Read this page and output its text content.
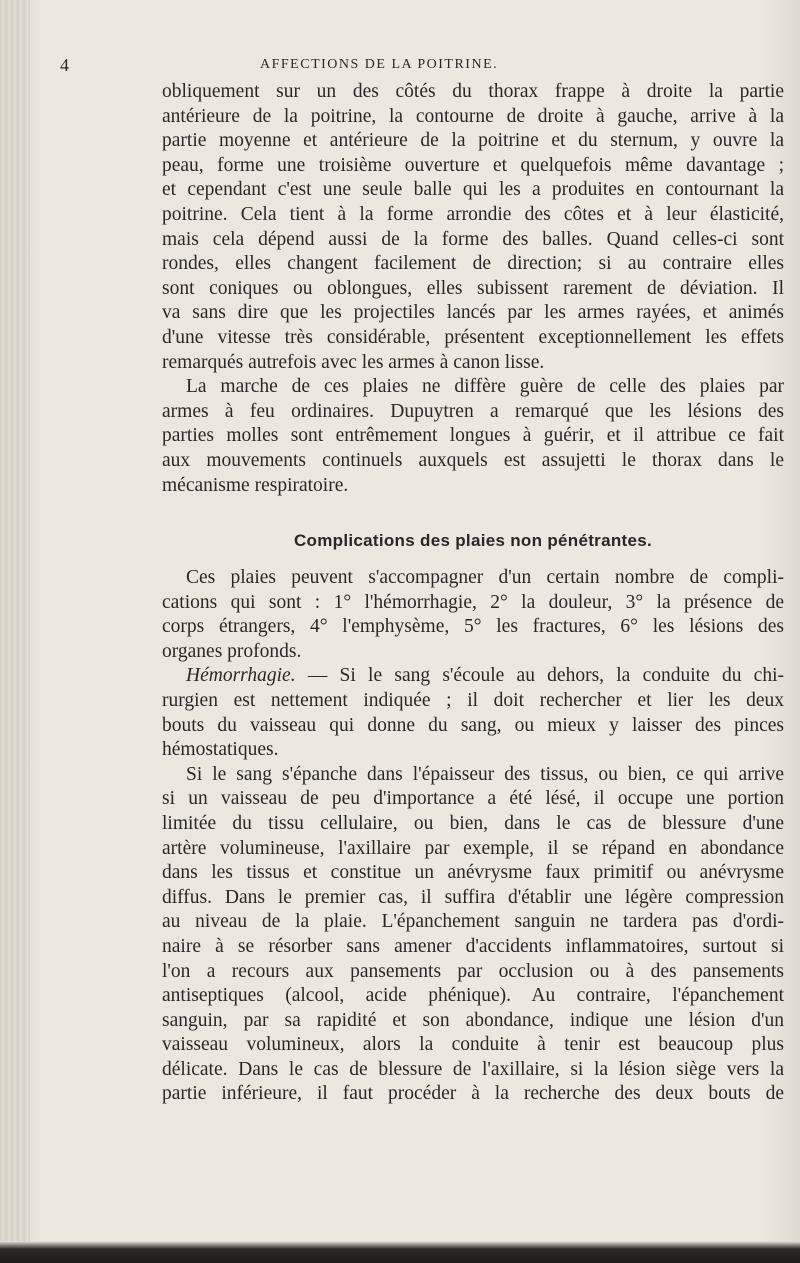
4	AFFECTIONS DE LA POITRINE.
obliquement sur un des côtés du thorax frappe à droite la partie
antérieure de la poitrine, la contourne de droite à gauche, arrive à la
partie moyenne et antérieure de la poitrine et du sternum, y ouvre la
peau, forme une troisième ouverture et quelquefois même davantage ;
et cependant c'est une seule balle qui les a produites en contournant la
poitrine. Cela tient à la forme arrondie des côtes et à leur élasticité,
mais cela dépend aussi de la forme des balles. Quand celles-ci sont
rondes, elles changent facilement de direction; si au contraire elles
sont coniques ou oblongues, elles subissent rarement de déviation. Il
va sans dire que les projectiles lancés par les armes rayées, et animés
d'une vitesse très considérable, présentent exceptionnellement les effets
remarqués autrefois avec les armes à canon lisse.
La marche de ces plaies ne diffère guère de celle des plaies par
armes à feu ordinaires. Dupuytren a remarqué que les lésions des
parties molles sont entrêmement longues à guérir, et il attribue ce fait
aux mouvements continuels auxquels est assujetti le thorax dans le
mécanisme respiratoire.
Complications des plaies non pénétrantes.
Ces plaies peuvent s'accompagner d'un certain nombre de compli-
cations qui sont : 1° l'hémorrhagie, 2° la douleur, 3° la présence de
corps étrangers, 4° l'emphysème, 5° les fractures, 6° les lésions des
organes profonds.
Hémorrhagie. — Si le sang s'écoule au dehors, la conduite du chi-
rurgien est nettement indiquée ; il doit rechercher et lier les deux
bouts du vaisseau qui donne du sang, ou mieux y laisser des pinces
hémostatiques.
Si le sang s'épanche dans l'épaisseur des tissus, ou bien, ce qui arrive
si un vaisseau de peu d'importance a été lésé, il occupe une portion
limitée du tissu cellulaire, ou bien, dans le cas de blessure d'une
artère volumineuse, l'axillaire par exemple, il se répand en abondance
dans les tissus et constitue un anévrysme faux primitif ou anévrysme
diffus. Dans le premier cas, il suffira d'établir une légère compression
au niveau de la plaie. L'épanchement sanguin ne tardera pas d'ordi-
naire à se résorber sans amener d'accidents inflammatoires, surtout si
l'on a recours aux pansements par occlusion ou à des pansements
antiseptiques (alcool, acide phénique). Au contraire, l'épanchement
sanguin, par sa rapidité et son abondance, indique une lésion d'un
vaisseau volumineux, alors la conduite à tenir est beaucoup plus
délicate. Dans le cas de blessure de l'axillaire, si la lésion siège vers la
partie inférieure, il faut procéder à la recherche des deux bouts de
